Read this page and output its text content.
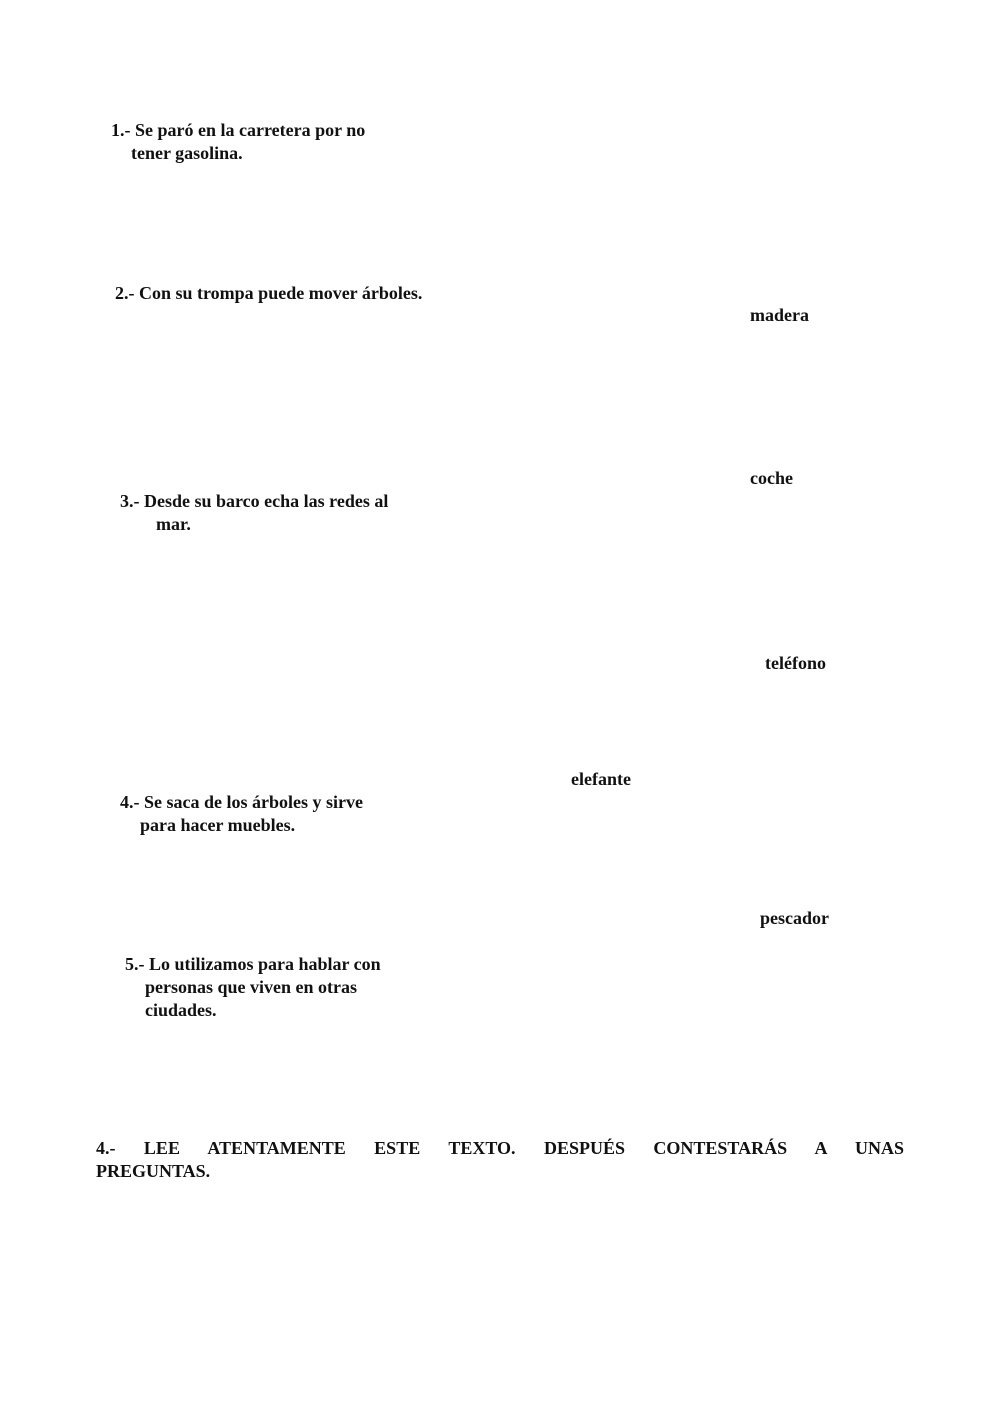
1.- Se paró en la carretera por no
tener gasolina.
2.- Con su trompa puede mover árboles.
3.- Desde su barco echa las redes al
mar.
4.- Se saca de los árboles y sirve
para hacer muebles.
5.- Lo utilizamos para hablar con
personas que viven en otras
ciudades.
madera
coche
teléfono
elefante
pescador
4.- LEE ATENTAMENTE ESTE TEXTO. DESPUÉS CONTESTARÁS A UNAS
PREGUNTAS.
